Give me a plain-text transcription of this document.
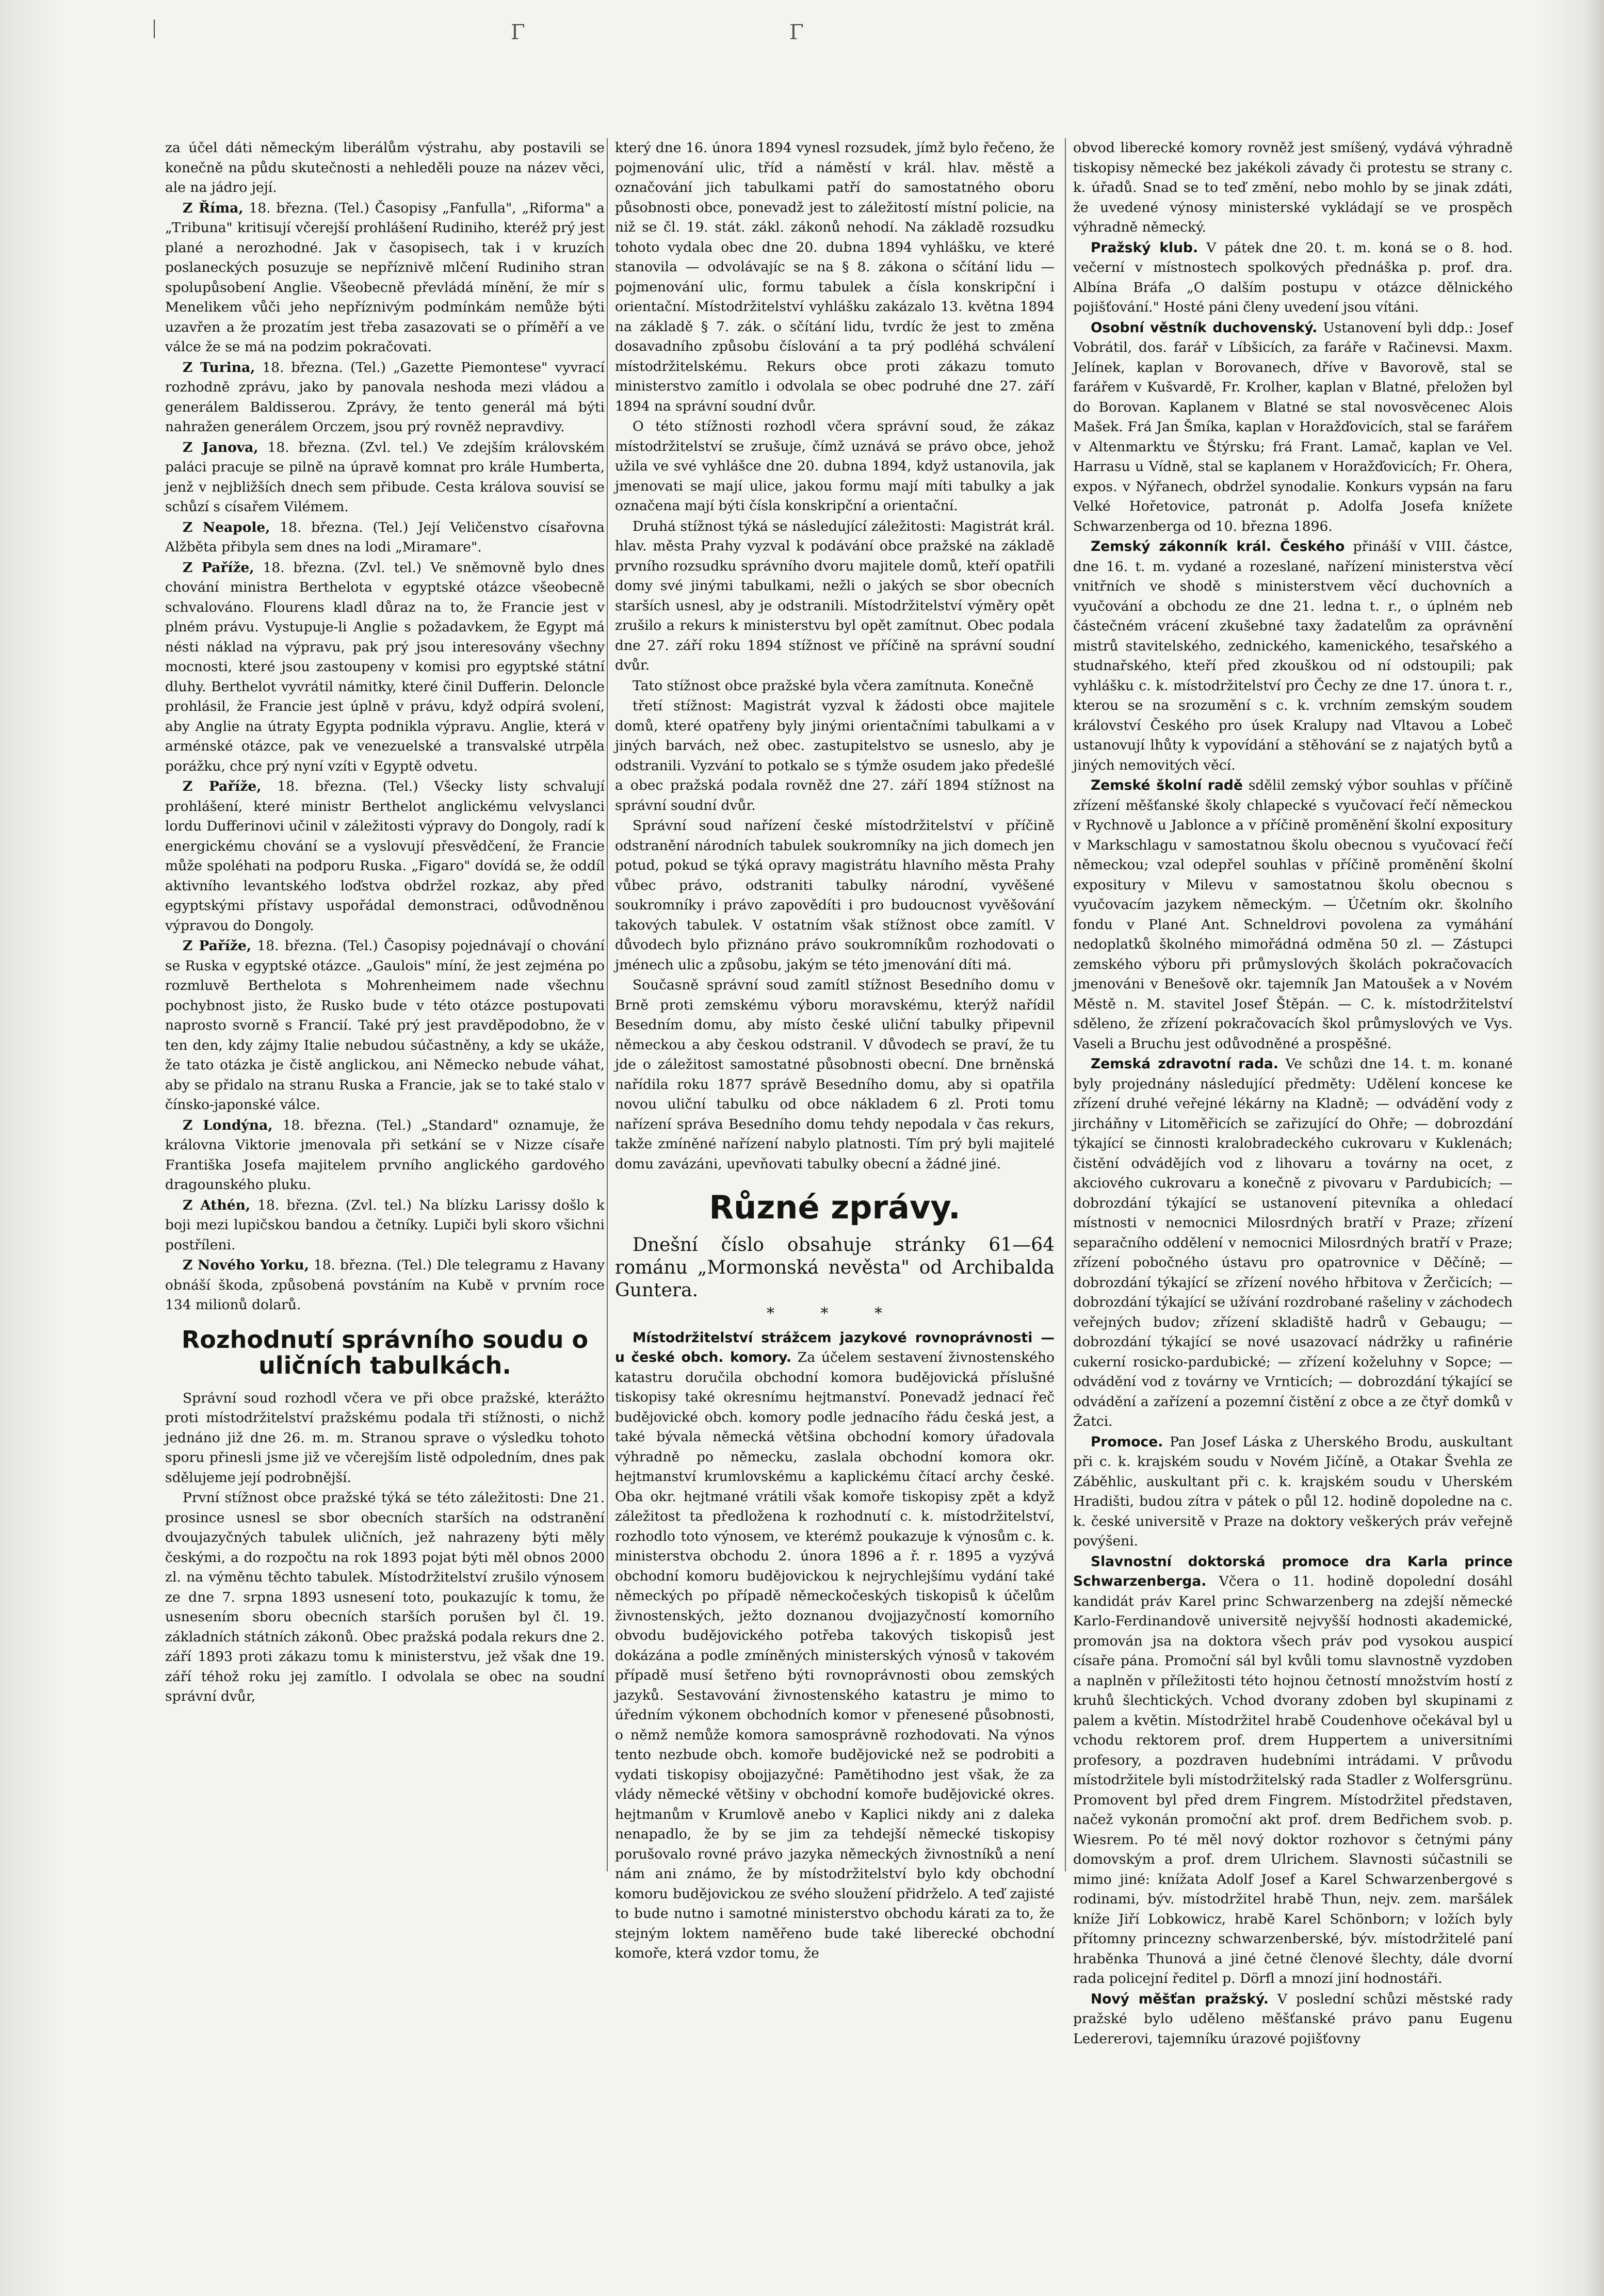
Γ	Γ

za účel dáti německým liberálům výstrahu, aby postavili se konečně na půdu skutečnosti a nehleděli pouze na název věci, ale na jádro její.

Z Říma, 18. března. (Tel.) Časopisy „Fanfulla", „Riforma" a „Tribuna" kritisují včerejší prohlášení Rudiniho, kteréž prý jest plané a nerozhodné. Jak v časopisech, tak i v kruzích poslaneckých posuzuje se nepříznivě mlčení Rudiniho stran spolupůsobení Anglie. Všeobecně převládá mínění, že mír s Menelikem vůči jeho nepříznivým podmínkám nemůže býti uzavřen a že prozatím jest třeba zasazovati se o příměří a ve válce že se má na podzim pokračovati.

Z Turina, 18. března. (Tel.) „Gazette Piemontese" vyvrací rozhodně zprávu, jako by panovala neshoda mezi vládou a generálem Baldisserou. Zprávy, že tento generál má býti nahražen generálem Orczem, jsou prý rovněž nepravdivy.

Z Janova, 18. března. (Zvl. tel.) Ve zdejším královském paláci pracuje se pilně na úpravě komnat pro krále Humberta, jenž v nejbližších dnech sem přibude. Cesta králova souvisí se schůzí s císařem Vilémem.

Z Neapole, 18. března. (Tel.) Její Veličenstvo císařovna Alžběta přibyla sem dnes na lodi „Miramare".

Z Paříže, 18. března. (Zvl. tel.) Ve sněmovně bylo dnes chování ministra Berthelota v egyptské otázce všeobecně schvalováno. Flourens kladl důraz na to, že Francie jest v plném právu. Vystupuje-li Anglie s požadavkem, že Egypt má nésti náklad na výpravu, pak prý jsou interesovány všechny mocnosti, které jsou zastoupeny v komisi pro egyptské státní dluhy. Berthelot vyvrátil námitky, které činil Dufferin. Deloncle prohlásil, že Francie jest úplně v právu, když odpírá svolení, aby Anglie na útraty Egypta podnikla výpravu. Anglie, která v arménské otázce, pak ve venezuelské a transvalské utrpěla porážku, chce prý nyní vzíti v Egyptě odvetu.

Z Paříže, 18. března. (Tel.) Všecky listy schvalují prohlášení, které ministr Berthelot anglickému velvyslanci lordu Dufferinovi učinil v záležitosti výpravy do Dongoly, radí k energickému chování se a vyslovují přesvědčení, že Francie může spoléhati na podporu Ruska. „Figaro" dovídá se, že oddíl aktivního levantského loďstva obdržel rozkaz, aby před egyptskými přístavy uspořádal demonstraci, odůvodněnou výpravou do Dongoly.

Z Paříže, 18. března. (Tel.) Časopisy pojednávají o chování se Ruska v egyptské otázce. „Gaulois" míní, že jest zejména po rozmluvě Berthelota s Mohrenheimem nade všechnu pochybnost jisto, že Rusko bude v této otázce postupovati naprosto svorně s Francií. Také prý jest pravděpodobno, že v ten den, kdy zájmy Italie nebudou súčastněny, a kdy se ukáže, že tato otázka je čistě anglickou, ani Německo nebude váhat, aby se přidalo na stranu Ruska a Francie, jak se to také stalo v čínsko-japonské válce.

Z Londýna, 18. března. (Tel.) „Standard" oznamuje, že královna Viktorie jmenovala při setkání se v Nizze císaře Františka Josefa majitelem prvního anglického gardového dragounského pluku.

Z Athén, 18. března. (Zvl. tel.) Na blízku Larissy došlo k boji mezi lupičskou bandou a četníky. Lupiči byli skoro všichni postříleni.

Z Nového Yorku, 18. března. (Tel.) Dle telegramu z Havany obnáší škoda, způsobená povstáním na Kubě v prvním roce 134 milionů dolarů.

Rozhodnutí správního soudu o uličních tabulkách.

Správní soud rozhodl včera ve při obce pražské, kterážto proti místodržitelství pražskému podala tři stížnosti, o nichž jednáno již dne 26. m. m. Stranou sprave o výsledku tohoto sporu přinesli jsme již ve včerejším listě odpoledním, dnes pak sdělujeme její podrobnější.

První stížnost obce pražské týká se této záležitosti: Dne 21. prosince usnesl se sbor obecních starších na odstranění dvoujazyčných tabulek uličních, jež nahrazeny býti měly českými, a do rozpočtu na rok 1893 pojat býti měl obnos 2000 zl. na výměnu těchto tabulek. Místodržitelství zrušilo výnosem ze dne 7. srpna 1893 usnesení toto, poukazujíc k tomu, že usnesením sboru obecních starších porušen byl čl. 19. základních státních zákonů. Obec pražská podala rekurs dne 2. září 1893 proti zákazu tomu k ministerstvu, jež však dne 19. září téhož roku jej zamítlo. I odvolala se obec na soudní správní dvůr,

který dne 16. února 1894 vynesl rozsudek, jímž bylo řečeno, že pojmenování ulic, tříd a náměstí v král. hlav. městě a označování jich tabulkami patří do samostatného oboru působnosti obce, ponevadž jest to záležitostí místní policie, na niž se čl. 19. stát. zákl. zákonů nehodí. Na základě rozsudku tohoto vydala obec dne 20. dubna 1894 vyhlášku, ve které stanovila — odvolávajíc se na § 8. zákona o sčítání lidu — pojmenování ulic, formu tabulek a čísla konskripční i orientační. Místodržitelství vyhlášku zakázalo 13. května 1894 na základě § 7. zák. o sčítání lidu, tvrdíc že jest to změna dosavadního způsobu číslování a ta prý podléhá schválení místodržitelskému. Rekurs obce proti zákazu tomuto ministerstvo zamítlo i odvolala se obec podruhé dne 27. září 1894 na správní soudní dvůr.

O této stížnosti rozhodl včera správní soud, že zákaz místodržitelství se zrušuje, čímž uznává se právo obce, jehož užila ve své vyhlášce dne 20. dubna 1894, když ustanovila, jak jmenovati se mají ulice, jakou formu mají míti tabulky a jak označena mají býti čísla konskripční a orientační.

Druhá stížnost týká se následující záležitosti: Magistrát král. hlav. města Prahy vyzval k podávání obce pražské na základě prvního rozsudku správního dvoru majitele domů, kteří opatřili domy své jinými tabulkami, nežli o jakých se sbor obecních starších usnesl, aby je odstranili. Místodržitelství výměry opět zrušilo a rekurs k ministerstvu byl opět zamítnut. Obec podala dne 27. září roku 1894 stížnost ve příčině na správní soudní dvůr.

Tato stížnost obce pražské byla včera zamítnuta. Konečně

třetí stížnost: Magistrát vyzval k žádosti obce majitele domů, které opatřeny byly jinými orientačními tabulkami a v jiných barvách, než obec. zastupitelstvo se usneslo, aby je odstranili. Vyzvání to potkalo se s týmže osudem jako předešlé a obec pražská podala rovněž dne 27. září 1894 stížnost na správní soudní dvůr.

Správní soud nařízení české místodržitelství v příčině odstranění národních tabulek soukromníky na jich domech jen potud, pokud se týká opravy magistrátu hlavního města Prahy vůbec právo, odstraniti tabulky národní, vyvěšené soukromníky i právo zapovědíti i pro budoucnost vyvěšování takových tabulek. V ostatním však stížnost obce zamítl. V důvodech bylo přiznáno právo soukromníkům rozhodovati o jménech ulic a způsobu, jakým se této jmenování díti má.

Současně správní soud zamítl stížnost Besedního domu v Brně proti zemskému výboru moravskému, kterýž nařídil Besedním domu, aby místo české uliční tabulky připevnil německou a aby českou odstranil. V důvodech se praví, že tu jde o záležitost samostatné působnosti obecní. Dne brněnská nařídila roku 1877 správě Besedního domu, aby si opatřila novou uliční tabulku od obce nákladem 6 zl. Proti tomu nařízení správa Besedního domu tehdy nepodala v čas rekurs, takže zmíněné nařízení nabylo platnosti. Tím prý byli majitelé domu zavázáni, upevňovati tabulky obecní a žádné jiné.

Různé zprávy.

Dnešní číslo obsahuje stránky 61—64 románu „Mormonská nevěsta" od Archibalda Guntera.

* * *

Místodržitelství strážcem jazykové rovnoprávnosti — u české obch. komory. Za účelem sestavení živnostenského katastru doručila obchodní komora budějovická příslušné tiskopisy také okresnímu hejtmanství. Ponevadž jednací řeč budějovické obch. komory podle jednacího řádu česká jest, a také bývala německá většina obchodní komory úřadovala výhradně po německu, zaslala obchodní komora okr. hejtmanství krumlovskému a kaplickému čítací archy české. Oba okr. hejtmané vrátili však komoře tiskopisy zpět a když záležitost ta předložena k rozhodnutí c. k. místodržitelství, rozhodlo toto výnosem, ve kterémž poukazuje k výnosům c. k. ministerstva obchodu 2. února 1896 a ř. r. 1895 a vyzývá obchodní komoru budějovickou k nejrychlejšímu vydání také německých po případě německočeských tiskopisů k účelům živnostenských, ježto doznanou dvojjazyčností komorního obvodu budějovického potřeba takových tiskopisů jest dokázána a podle zmíněných ministerských výnosů v takovém případě musí šetřeno býti rovnoprávnosti obou zemských jazyků. Sestavování živnostenského katastru je mimo to úředním výkonem obchodních komor v přenesené působnosti, o němž nemůže komora samosprávně rozhodovati. Na výnos tento nezbude obch. komoře budějovické než se podrobiti a vydati tiskopisy obojjazyčné: Pamětihodno jest však, že za vlády německé většiny v obchodní komoře budějovické okres. hejtmanům v Krumlově anebo v Kaplici nikdy ani z daleka nenapadlo, že by se jim za tehdejší německé tiskopisy porušovalo rovné právo jazyka německých živnostníků a není nám ani známo, že by místodržitelství bylo kdy obchodní komoru budějovickou ze svého sloužení přidrželo. A teď zajisté to bude nutno i samotné ministerstvo obchodu kárati za to, že stejným loktem naměřeno bude také liberecké obchodní komoře, která vzdor tomu, že

obvod liberecké komory rovněž jest smíšený, vydává výhradně tiskopisy německé bez jakékoli závady či protestu se strany c. k. úřadů. Snad se to teď změní, nebo mohlo by se jinak zdáti, že uvedené výnosy ministerské vykládají se ve prospěch výhradně německý.

Pražský klub. V pátek dne 20. t. m. koná se o 8. hod. večerní v místnostech spolkových přednáška p. prof. dra. Albína Bráfa „O dalším postupu v otázce dělnického pojišťování." Hosté páni členy uvedení jsou vítáni.

Osobní věstník duchovenský. Ustanovení byli ddp.: Josef Vobrátil, dos. farář v Líbšicích, za faráře v Račinevsi. Maxm. Jelínek, kaplan v Borovanech, dříve v Bavorově, stal se farářem v Kušvardě, Fr. Krolher, kaplan v Blatné, přeložen byl do Borovan. Kaplanem v Blatné se stal novosvěcenec Alois Mašek. Frá Jan Šmíka, kaplan v Horažďovicích, stal se farářem v Altenmarktu ve Štýrsku; frá Frant. Lamač, kaplan ve Vel. Harrasu u Vídně, stal se kaplanem v Horažďovicích; Fr. Ohera, expos. v Nýřanech, obdržel synodalie. Konkurs vypsán na faru Velké Hořetovice, patronát p. Adolfa Josefa knížete Schwarzenberga od 10. března 1896.

Zemský zákonník král. Českého přináší v VIII. částce, dne 16. t. m. vydané a rozeslané, nařízení ministerstva věcí vnitřních ve shodě s ministerstvem věcí duchovních a vyučování a obchodu ze dne 21. ledna t. r., o úplném neb částečném vrácení zkušebné taxy žadatelům za oprávnění mistrů stavitelského, zednického, kamenického, tesařského a studnařského, kteří před zkouškou od ní odstoupili; pak vyhlášku c. k. místodržitelství pro Čechy ze dne 17. února t. r., kterou se na srozumění s c. k. vrchním zemským soudem království Českého pro úsek Kralupy nad Vltavou a Lobeč ustanovují lhůty k vypovídání a stěhování se z najatých bytů a jiných nemovitých věcí.

Zemské školní radě sdělil zemský výbor souhlas v příčině zřízení měšťanské školy chlapecké s vyučovací řečí německou v Rychnově u Jablonce a v příčině proměnění školní expositury v Markschlagu v samostatnou školu obecnou s vyučovací řečí německou; vzal odepřel souhlas v příčině proměnění školní expositury v Milevu v samostatnou školu obecnou s vyučovacím jazykem německým. — Účetním okr. školního fondu v Plané Ant. Schneldrovi povolena za vymáhání nedoplatků školného mimořádná odměna 50 zl. — Zástupci zemského výboru při průmyslových školách pokračovacích jmenováni v Benešově okr. tajemník Jan Matoušek a v Novém Městě n. M. stavitel Josef Štěpán. — C. k. místodržitelství sděleno, že zřízení pokračovacích škol průmyslových ve Vys. Vaseli a Bruchu jest odůvodněné a prospěšné.

Zemská zdravotní rada. Ve schůzi dne 14. t. m. konané byly projednány následující předměty: Udělení koncese ke zřízení druhé veřejné lékárny na Kladně; — odvádění vody z jircháňny v Litoměřicích se zařizující do Ohře; — dobrozdání týkající se činnosti kralobradeckého cukrovaru v Kuklenách; čistění odvádějích vod z lihovaru a továrny na ocet, z akciového cukrovaru a konečně z pivovaru v Pardubicích; — dobrozdání týkající se ustanovení pitevníka a ohledací místnosti v nemocnici Milosrdných bratří v Praze; zřízení separačního oddělení v nemocnici Milosrdných bratří v Praze; zřízení pobočného ústavu pro opatrovnice v Děčíně; — dobrozdání týkající se zřízení nového hřbitova v Žerčicích; — dobrozdání týkající se užívání rozdrobané rašeliny v záchodech veřejných budov; zřízení skladiště hadrů v Gebaugu; — dobrozdání týkající se nové usazovací nádržky u rafinérie cukerní rosicko-pardubické; — zřízení koželuhny v Sopce; — odvádění vod z továrny ve Vrnticích; — dobrozdání týkající se odvádění a zařízení a pozemní čistění z obce a ze čtyř domků v Žatci.

Promoce. Pan Josef Láska z Uherského Brodu, auskultant při c. k. krajském soudu v Novém Jičíně, a Otakar Švehla ze Záběhlic, auskultant při c. k. krajském soudu v Uherském Hradišti, budou zítra v pátek o půl 12. hodině dopoledne na c. k. české universitě v Praze na doktory veškerých práv veřejně povýšeni.

Slavnostní doktorská promoce dra Karla prince Schwarzenberga. Včera o 11. hodině dopolední dosáhl kandidát práv Karel princ Schwarzenberg na zdejší německé Karlo-Ferdinandově universitě nejvyšší hodnosti akademické, promován jsa na doktora všech práv pod vysokou auspicí císaře pána. Promoční sál byl kvůli tomu slavnostně vyzdoben a naplněn v příležitosti této hojnou četností množstvím hostí z kruhů šlechtických. Vchod dvorany zdoben byl skupinami z palem a květin. Místodržitel hrabě Coudenhove očekával byl u vchodu rektorem prof. drem Huppertem a universitními profesory, a pozdraven hudebními intrádami. V průvodu místodržitele byli místodržitelský rada Stadler z Wolfersgrünu. Promovent byl před drem Fingrem. Místodržitel představen, načež vykonán promoční akt prof. drem Bedřichem svob. p. Wiesrem. Po té měl nový doktor rozhovor s četnými pány domovským a prof. drem Ulrichem. Slavnosti súčastnili se mimo jiné: knížata Adolf Josef a Karel Schwarzenbergové s rodinami, býv. místodržitel hrabě Thun, nejv. zem. maršálek kníže Jiří Lobkowicz, hrabě Karel Schönborn; v ložích byly přítomny princezny schwarzenberské, býv. místodržitelé paní hraběnka Thunová a jiné četné členové šlechty, dále dvorní rada policejní ředitel p. Dörfl a mnozí jiní hodnostáři.

Nový měšťan pražský. V poslední schůzi městské rady pražské bylo uděleno měšťanské právo panu Eugenu Ledererovi, tajemníku úrazové pojišťovny
